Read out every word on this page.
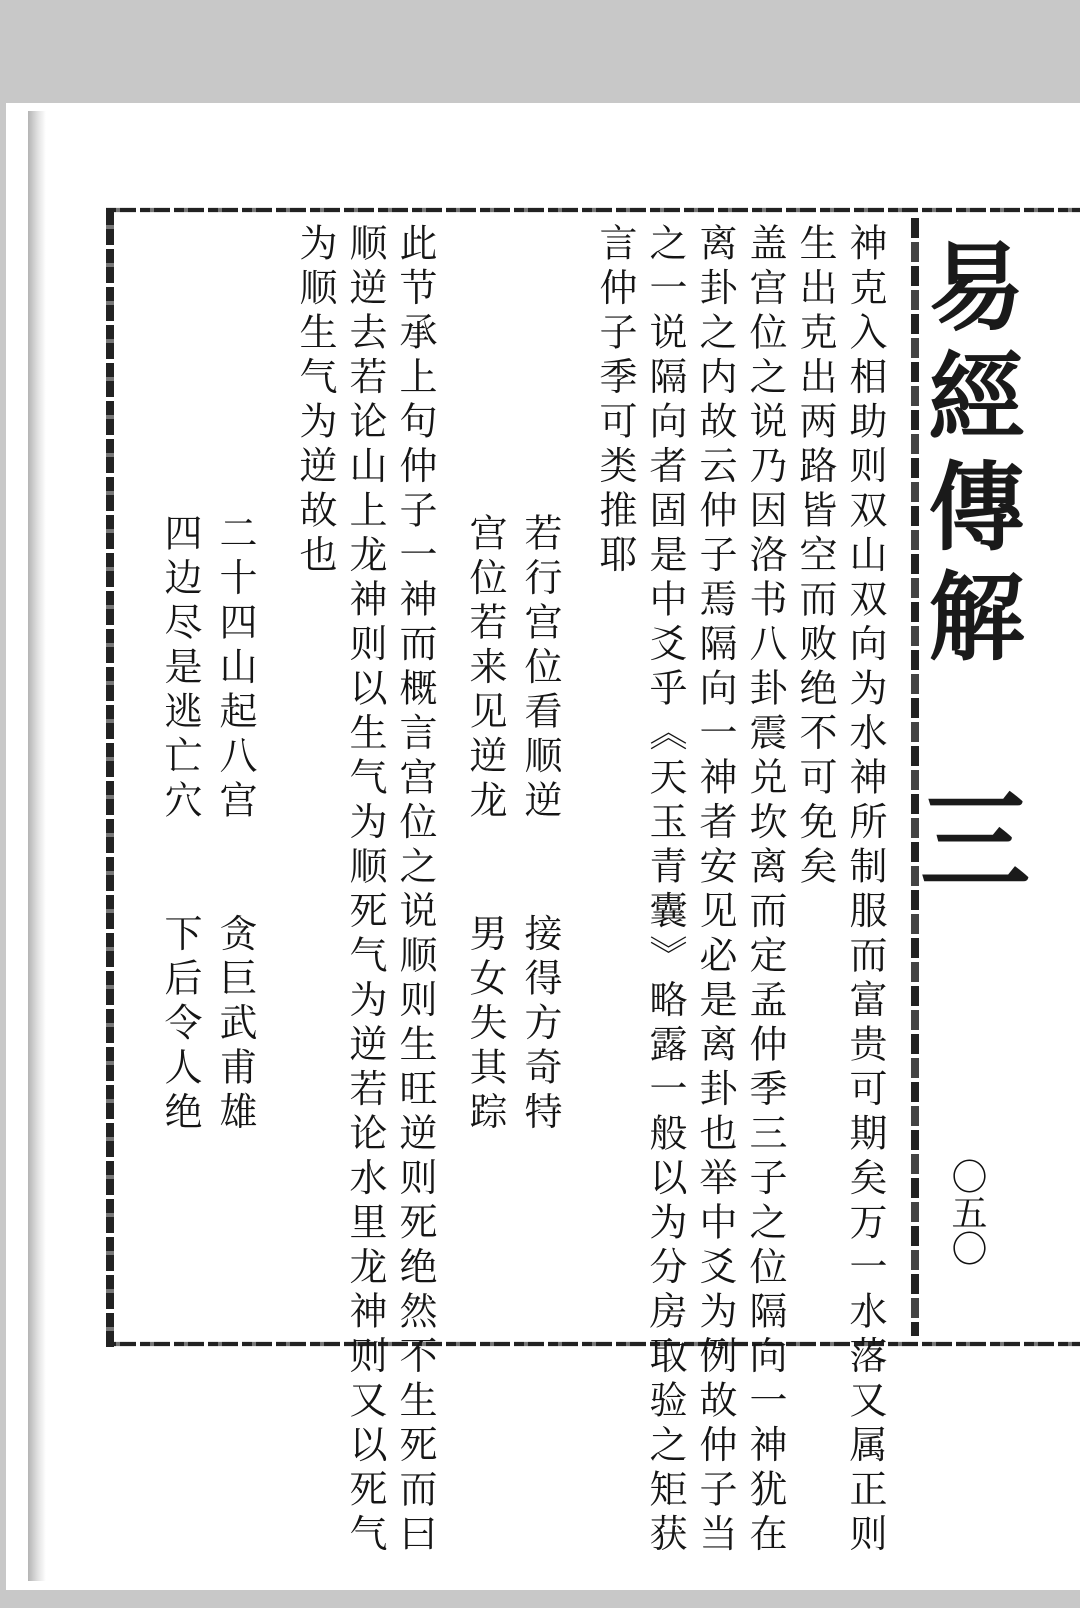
易
經
傳
解
三
〇五〇
神克入相助则双山双向为水神所制服而富贵可期矣万一水落又属正则
生出克出两路皆空而败绝不可免矣
盖宫位之说乃因洛书八卦震兑坎离而定孟仲季三子之位隔向一神犹在
离卦之内故云仲子焉隔向一神者安见必是离卦也举中爻为例故仲子当
之一说隔向者固是中爻乎《天玉青囊》略露一般以为分房取验之矩获
言仲子季可类推耶
若行宫位看顺逆　　接得方奇特
宫位若来见逆龙　　男女失其踪
此节承上句仲子一神而概言宫位之说顺则生旺逆则死绝然不生死而曰
顺逆去若论山上龙神则以生气为顺死气为逆若论水里龙神则又以死气
为顺生气为逆故也
二十四山起八宫　　贪巨武甫雄
四边尽是逃亡穴　　下后令人绝
